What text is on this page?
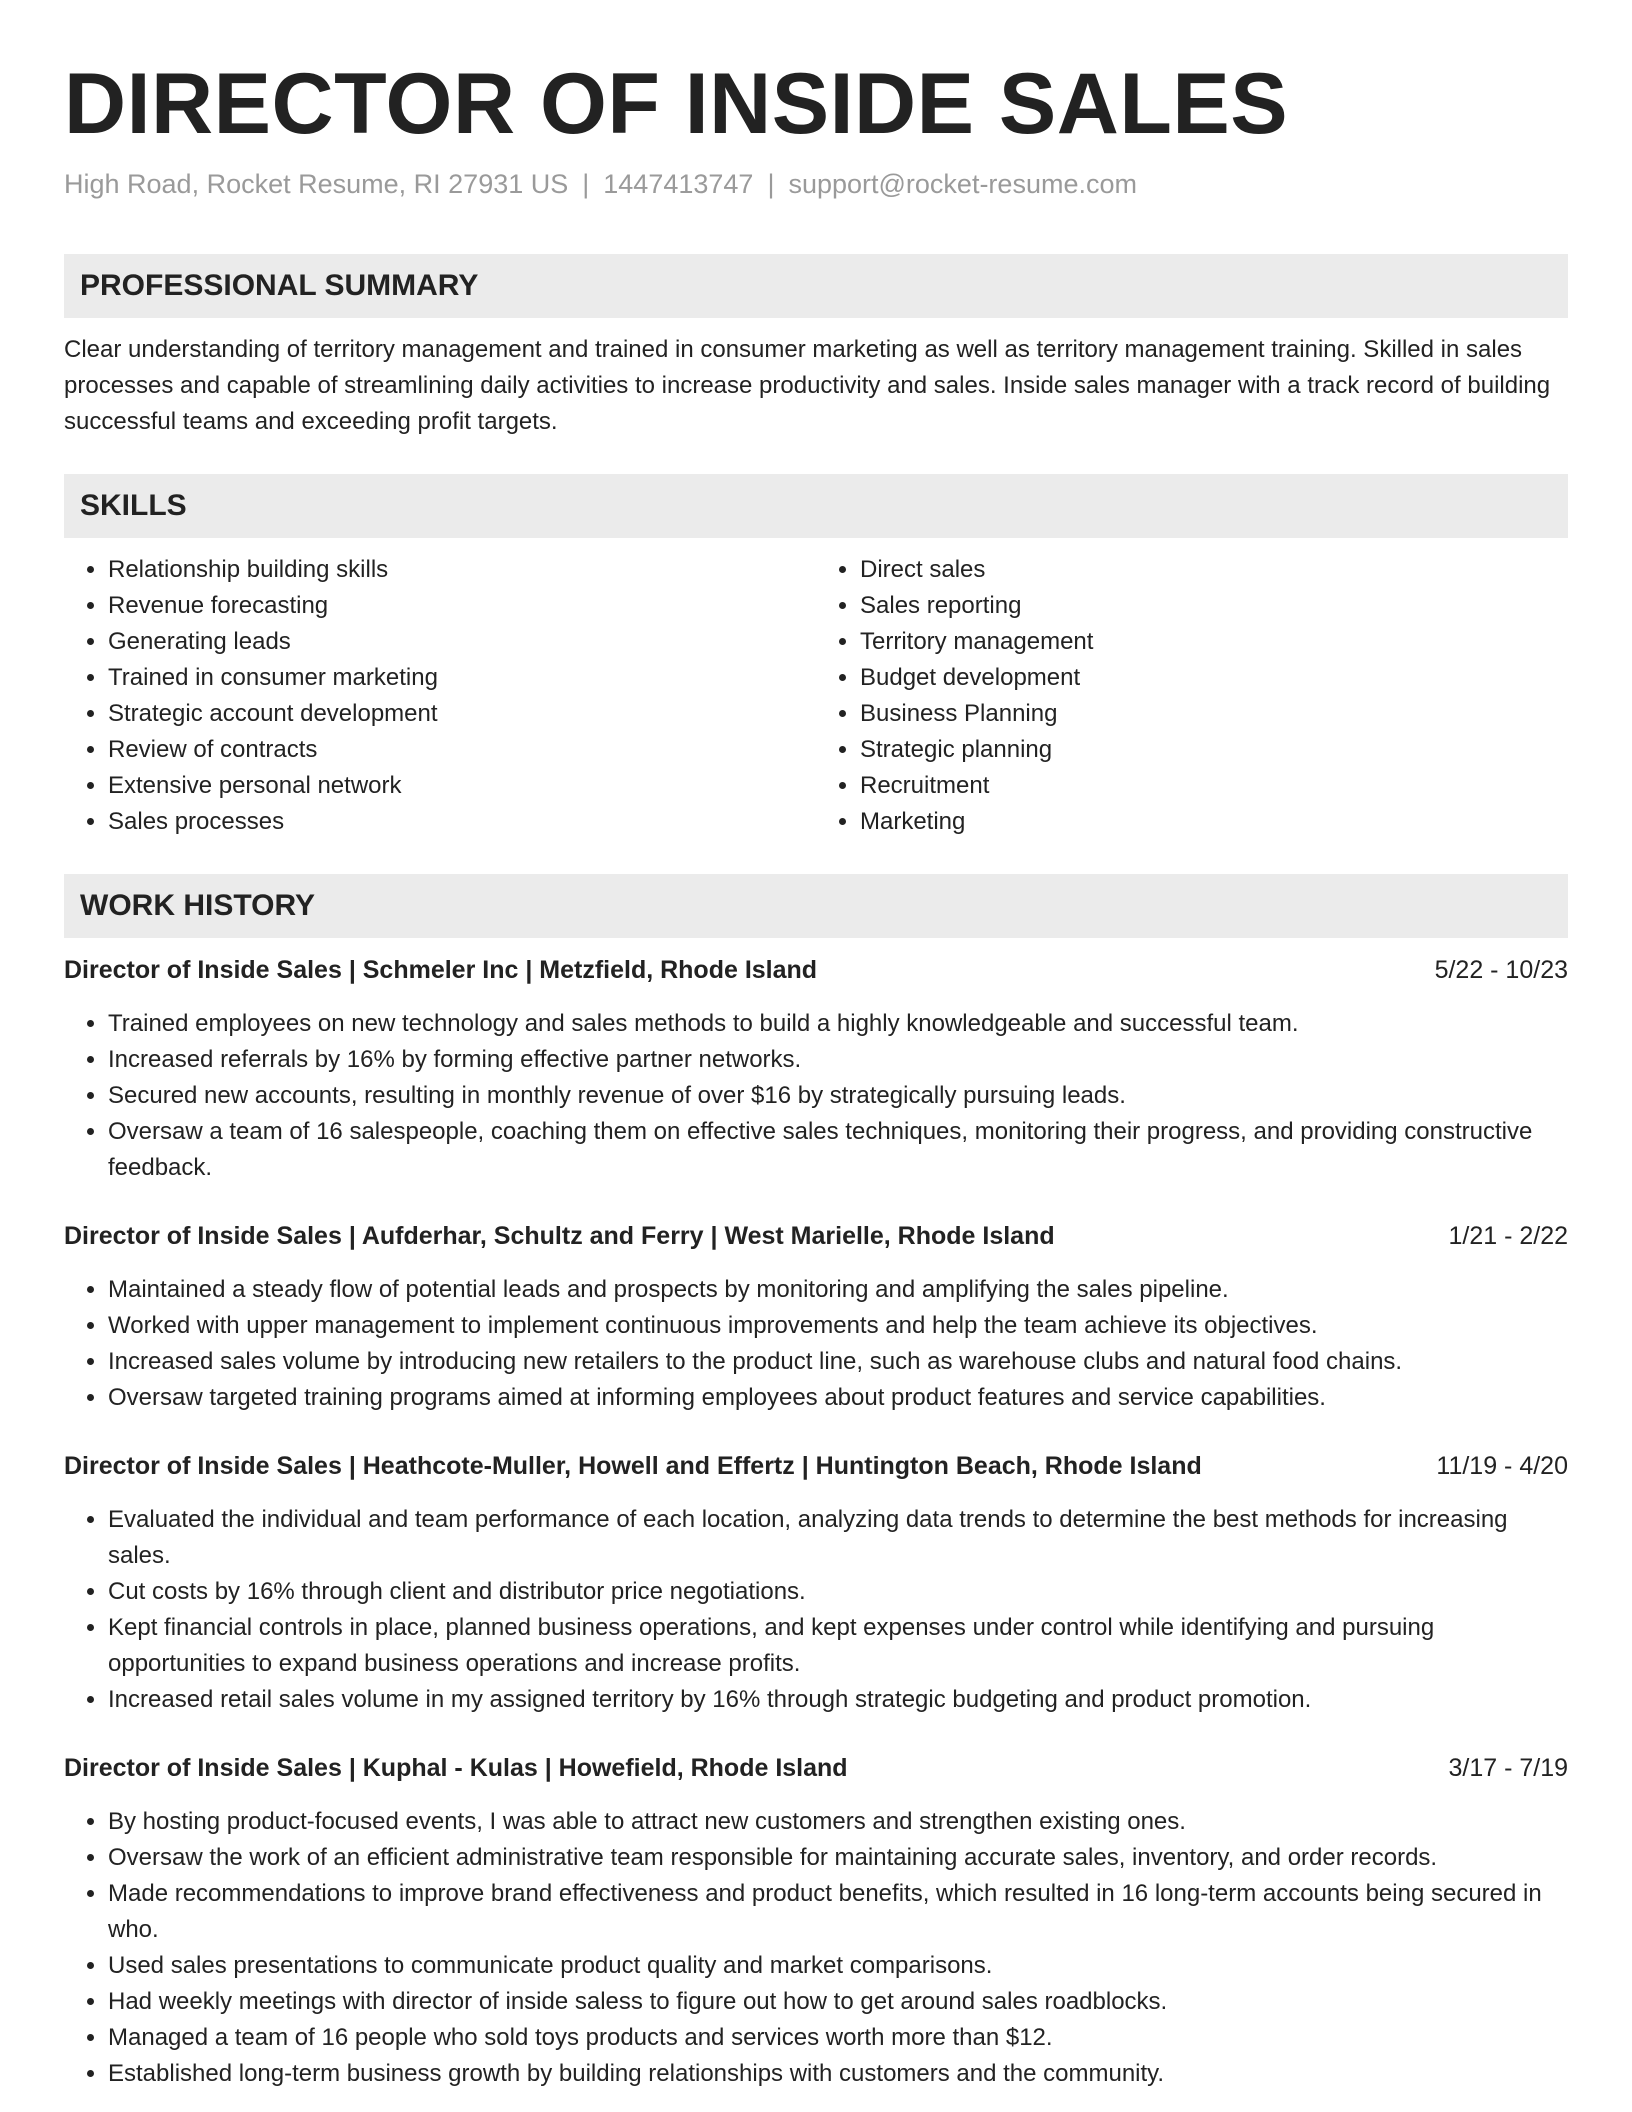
DIRECTOR OF INSIDE SALES
High Road, Rocket Resume, RI 27931 US | 1447413747 | support@rocket-resume.com
PROFESSIONAL SUMMARY

Clear understanding of territory management and trained in consumer marketing as well as territory management training. Skilled in sales processes and capable of streamlining daily activities to increase productivity and sales. Inside sales manager with a track record of building successful teams and exceeding profit targets.

SKILLS
• Relationship building skills
• Revenue forecasting
• Generating leads
• Trained in consumer marketing
• Strategic account development
• Review of contracts
• Extensive personal network
• Sales processes
• Direct sales
• Sales reporting
• Territory management
• Budget development
• Business Planning
• Strategic planning
• Recruitment
• Marketing
WORK HISTORY
Director of Inside Sales | Schmeler Inc | Metzfield, Rhode Island	5/22 - 10/23
• Trained employees on new technology and sales methods to build a highly knowledgeable and successful team.
• Increased referrals by 16% by forming effective partner networks.
• Secured new accounts, resulting in monthly revenue of over $16 by strategically pursuing leads.
• Oversaw a team of 16 salespeople, coaching them on effective sales techniques, monitoring their progress, and providing constructive feedback.
Director of Inside Sales | Aufderhar, Schultz and Ferry | West Marielle, Rhode Island	1/21 - 2/22
• Maintained a steady flow of potential leads and prospects by monitoring and amplifying the sales pipeline.
• Worked with upper management to implement continuous improvements and help the team achieve its objectives.
• Increased sales volume by introducing new retailers to the product line, such as warehouse clubs and natural food chains.
• Oversaw targeted training programs aimed at informing employees about product features and service capabilities.
Director of Inside Sales | Heathcote-Muller, Howell and Effertz | Huntington Beach, Rhode Island	11/19 - 4/20
• Evaluated the individual and team performance of each location, analyzing data trends to determine the best methods for increasing sales.
• Cut costs by 16% through client and distributor price negotiations.
• Kept financial controls in place, planned business operations, and kept expenses under control while identifying and pursuing opportunities to expand business operations and increase profits.
• Increased retail sales volume in my assigned territory by 16% through strategic budgeting and product promotion.
Director of Inside Sales | Kuphal - Kulas | Howefield, Rhode Island	3/17 - 7/19
• By hosting product-focused events, I was able to attract new customers and strengthen existing ones.
• Oversaw the work of an efficient administrative team responsible for maintaining accurate sales, inventory, and order records.
• Made recommendations to improve brand effectiveness and product benefits, which resulted in 16 long-term accounts being secured in who.
• Used sales presentations to communicate product quality and market comparisons.
• Had weekly meetings with director of inside saless to figure out how to get around sales roadblocks.
• Managed a team of 16 people who sold toys products and services worth more than $12.
• Established long-term business growth by building relationships with customers and the community.
